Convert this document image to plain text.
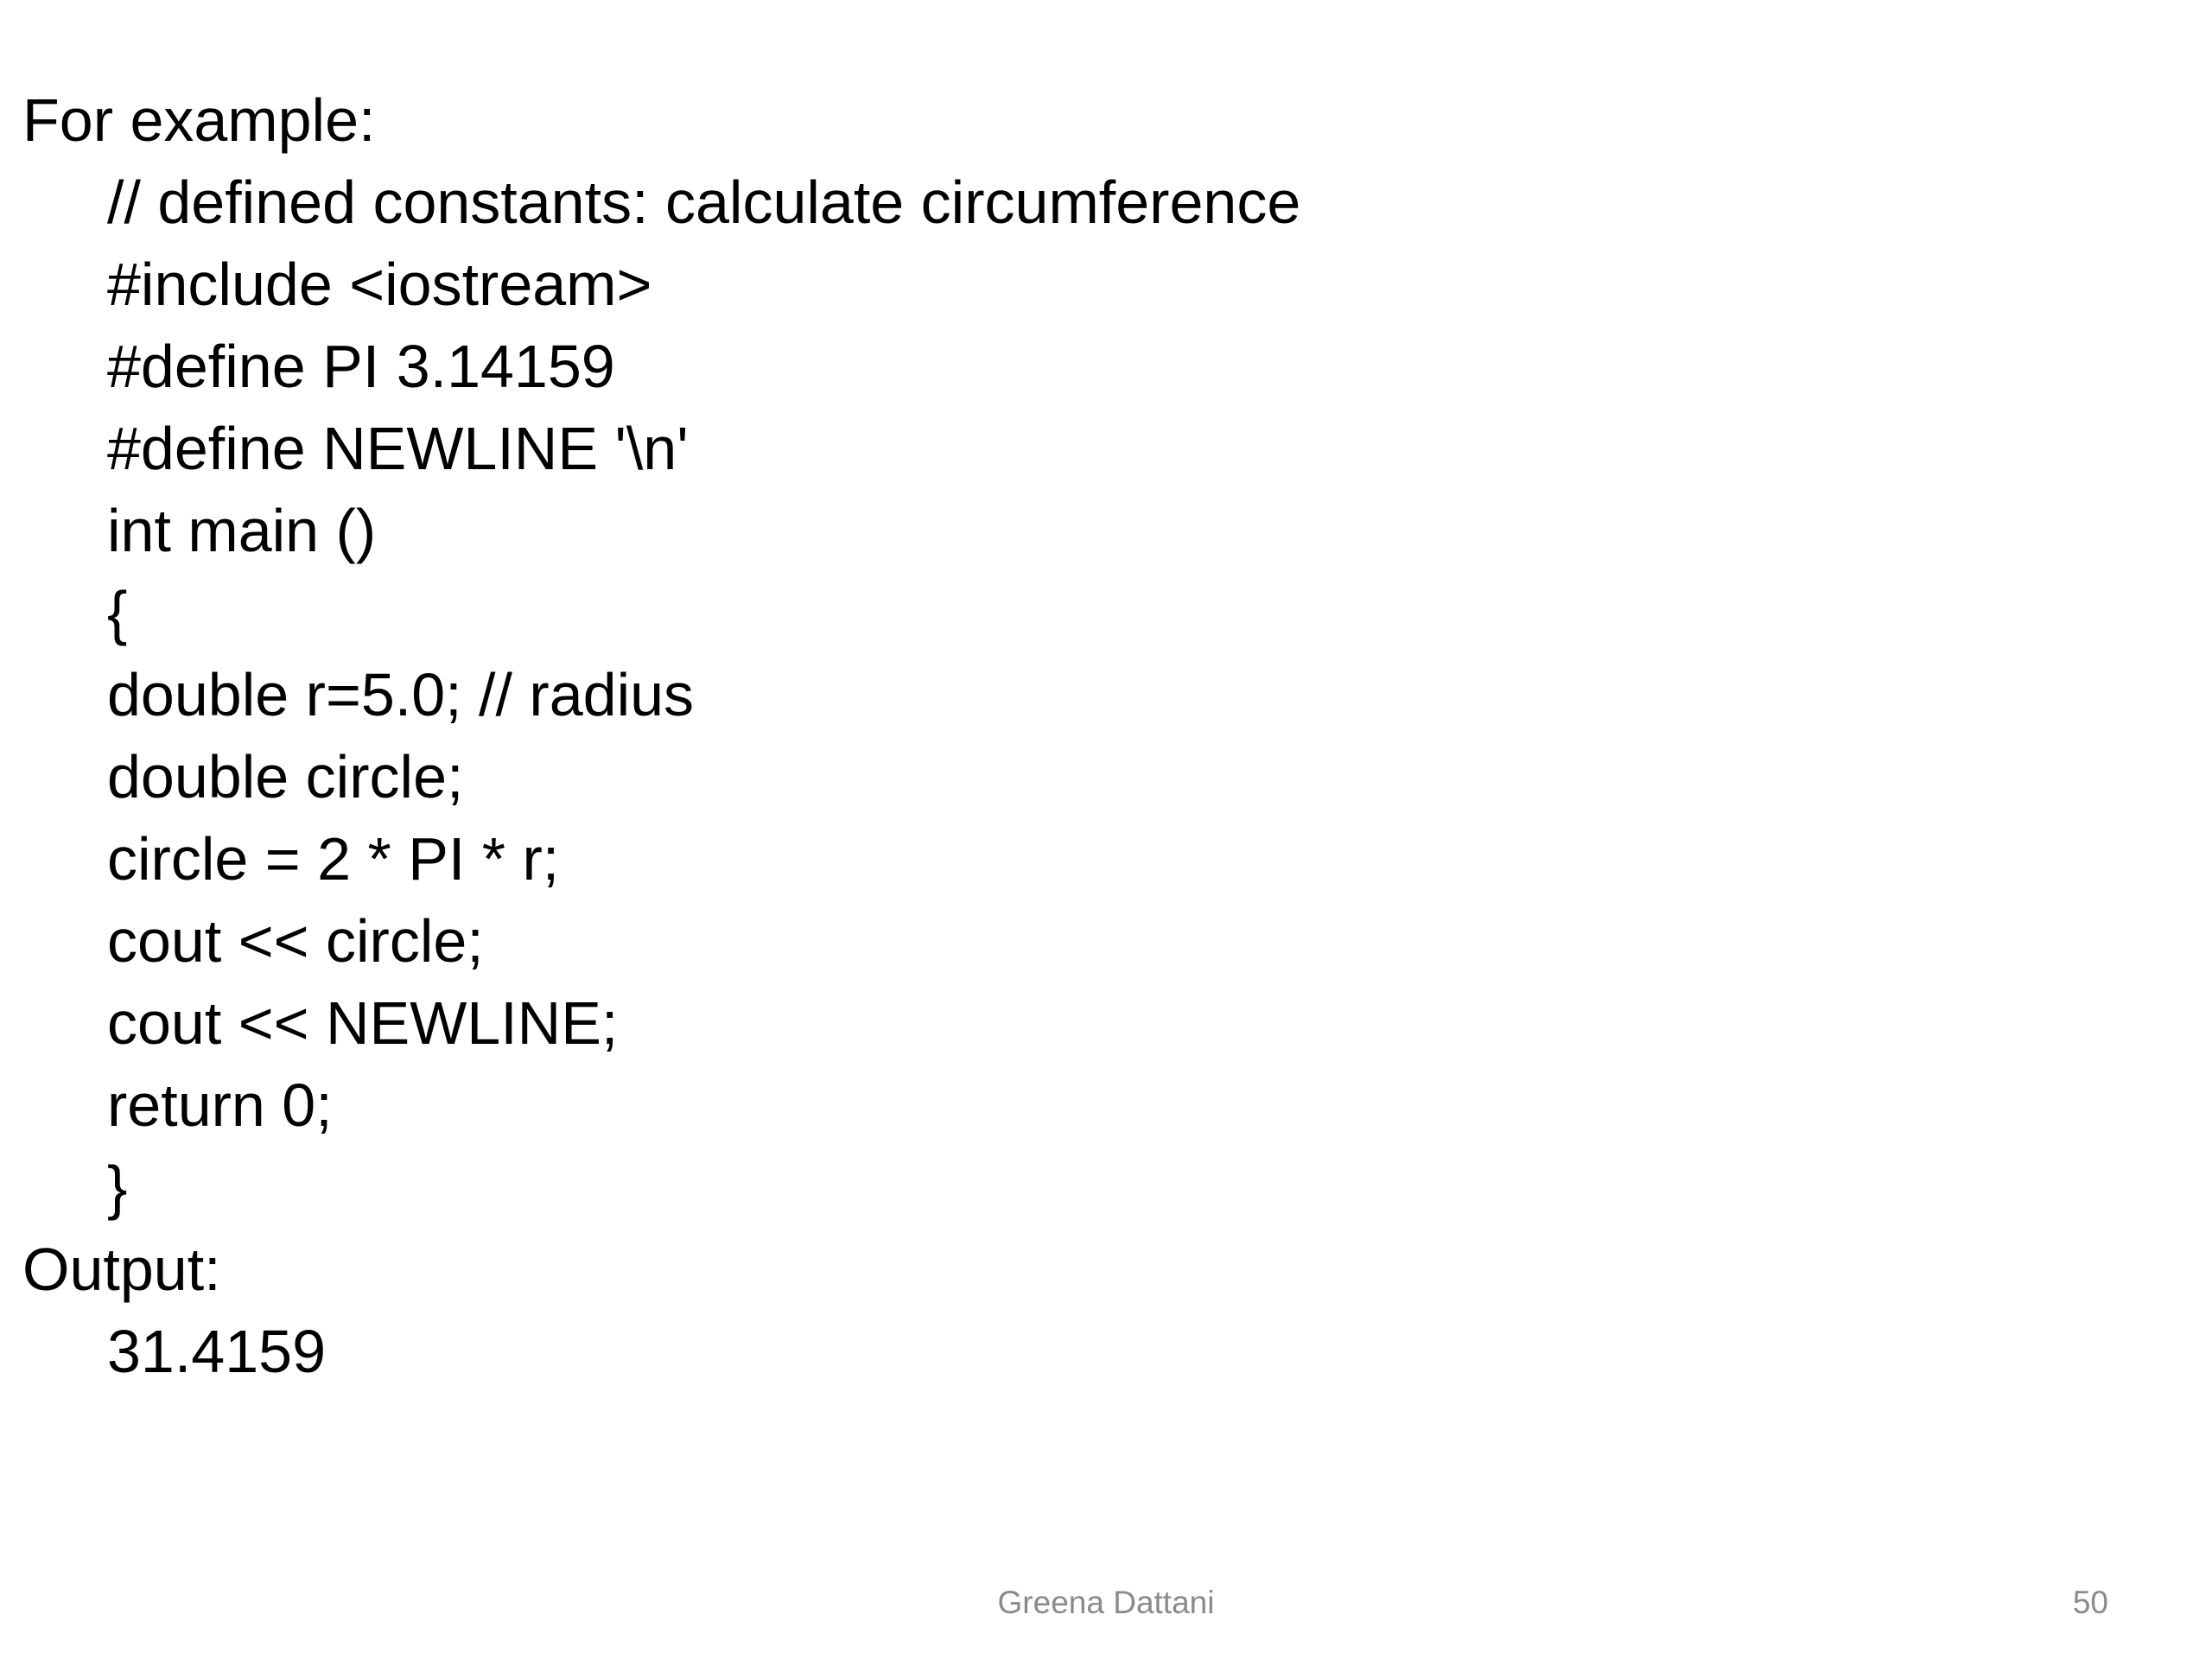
For example:

// defined constants: calculate circumference

#include <iostream>

#define PI 3.14159

#define NEWLINE '\n'

int main ()

{

double r=5.0; // radius

double circle;

circle = 2 * PI * r;

cout << circle;

cout << NEWLINE;

return 0;

}

Output:

31.4159

Greena Dattani	50
